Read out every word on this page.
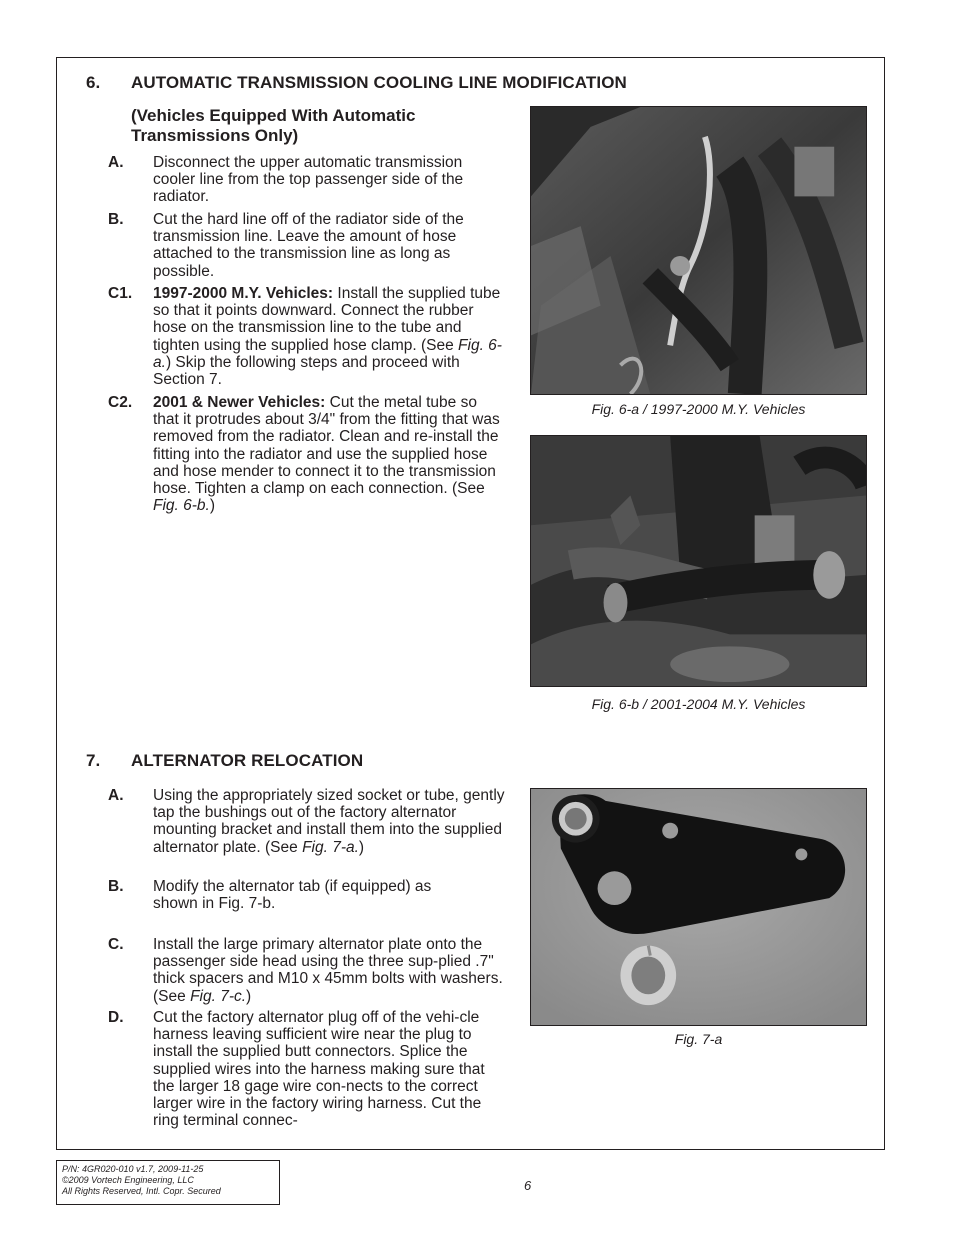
6. AUTOMATIC TRANSMISSION COOLING LINE MODIFICATION
(Vehicles Equipped With Automatic
Transmissions Only)
A. Disconnect the upper automatic transmission cooler line from the top passenger side of the radiator.
B. Cut the hard line off of the radiator side of the transmission line. Leave the amount of hose attached to the transmission line as long as possible.
C1. 1997-2000 M.Y. Vehicles: Install the supplied tube so that it points downward. Connect the rubber hose on the transmission line to the tube and tighten using the supplied hose clamp. (See Fig. 6-a.) Skip the following steps and proceed with Section 7.
C2. 2001 & Newer Vehicles: Cut the metal tube so that it protrudes about 3/4" from the fitting that was removed from the radiator. Clean and re-install the fitting into the radiator and use the supplied hose and hose mender to connect it to the transmission hose. Tighten a clamp on each connection. (See Fig. 6-b.)
Fig. 6-a / 1997-2000 M.Y. Vehicles
Fig. 6-b / 2001-2004 M.Y. Vehicles
7. ALTERNATOR RELOCATION
A. Using the appropriately sized socket or tube, gently tap the bushings out of the factory alternator mounting bracket and install them into the supplied alternator plate. (See Fig. 7-a.)
B. Modify the alternator tab (if equipped) as shown in Fig. 7-b.
C. Install the large primary alternator plate onto the passenger side head using the three sup-plied .7" thick spacers and M10 x 45mm bolts with washers. (See Fig. 7-c.)
D. Cut the factory alternator plug off of the vehi-cle harness leaving sufficient wire near the plug to install the supplied butt connectors. Splice the supplied wires into the harness making sure that the larger 18 gage wire con-nects to the correct larger wire in the factory wiring harness. Cut the ring terminal connec-
Fig. 7-a
P/N: 4GR020-010 v1.7, 2009-11-25
©2009 Vortech Engineering, LLC
All Rights Reserved, Intl. Copr. Secured	6
